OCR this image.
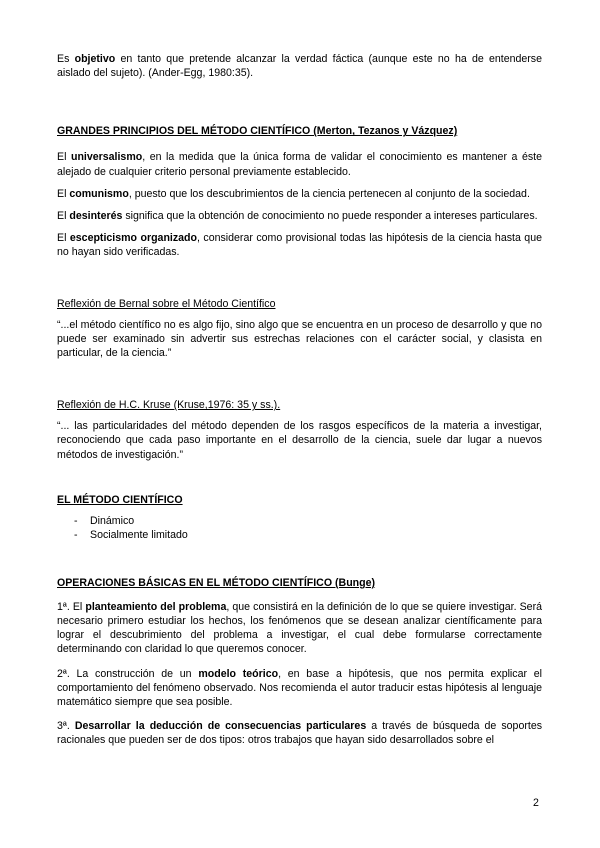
Es objetivo en tanto que pretende alcanzar la verdad fáctica (aunque este no ha de entenderse aislado del sujeto). (Ander-Egg, 1980:35).

GRANDES PRINCIPIOS DEL MÉTODO CIENTÍFICO (Merton, Tezanos y Vázquez)

El universalismo, en la medida que la única forma de validar el conocimiento es mantener a éste alejado de cualquier criterio personal previamente establecido.

El comunismo, puesto que los descubrimientos de la ciencia pertenecen al conjunto de la sociedad.

El desinterés significa que la obtención de conocimiento no puede responder a intereses particulares.

El escepticismo organizado, considerar como provisional todas las hipótesis de la ciencia hasta que no hayan sido verificadas.

Reflexión de Bernal sobre el Método Científico

“...el método científico no es algo fijo, sino algo que se encuentra en un proceso de desarrollo y que no puede ser examinado sin advertir sus estrechas relaciones con el carácter social, y clasista en particular, de la ciencia.”

Reflexión de H.C. Kruse (Kruse,1976: 35 y ss.).

“... las particularidades del método dependen de los rasgos específicos de la materia a investigar, reconociendo que cada paso importante en el desarrollo de la ciencia, suele dar lugar a nuevos métodos de investigación.”

EL MÉTODO CIENTÍFICO
- Dinámico
- Socialmente limitado
OPERACIONES BÁSICAS EN EL MÉTODO CIENTÍFICO (Bunge)

1ª. El planteamiento del problema, que consistirá en la definición de lo que se quiere investigar. Será necesario primero estudiar los hechos, los fenómenos que se desean analizar científicamente para lograr el descubrimiento del problema a investigar, el cual debe formularse correctamente determinando con claridad lo que queremos conocer.

2ª. La construcción de un modelo teórico, en base a hipótesis, que nos permita explicar el comportamiento del fenómeno observado. Nos recomienda el autor traducir estas hipótesis al lenguaje matemático siempre que sea posible.

3ª. Desarrollar la deducción de consecuencias particulares a través de búsqueda de soportes racionales que pueden ser de dos tipos: otros trabajos que hayan sido desarrollados sobre el

2
